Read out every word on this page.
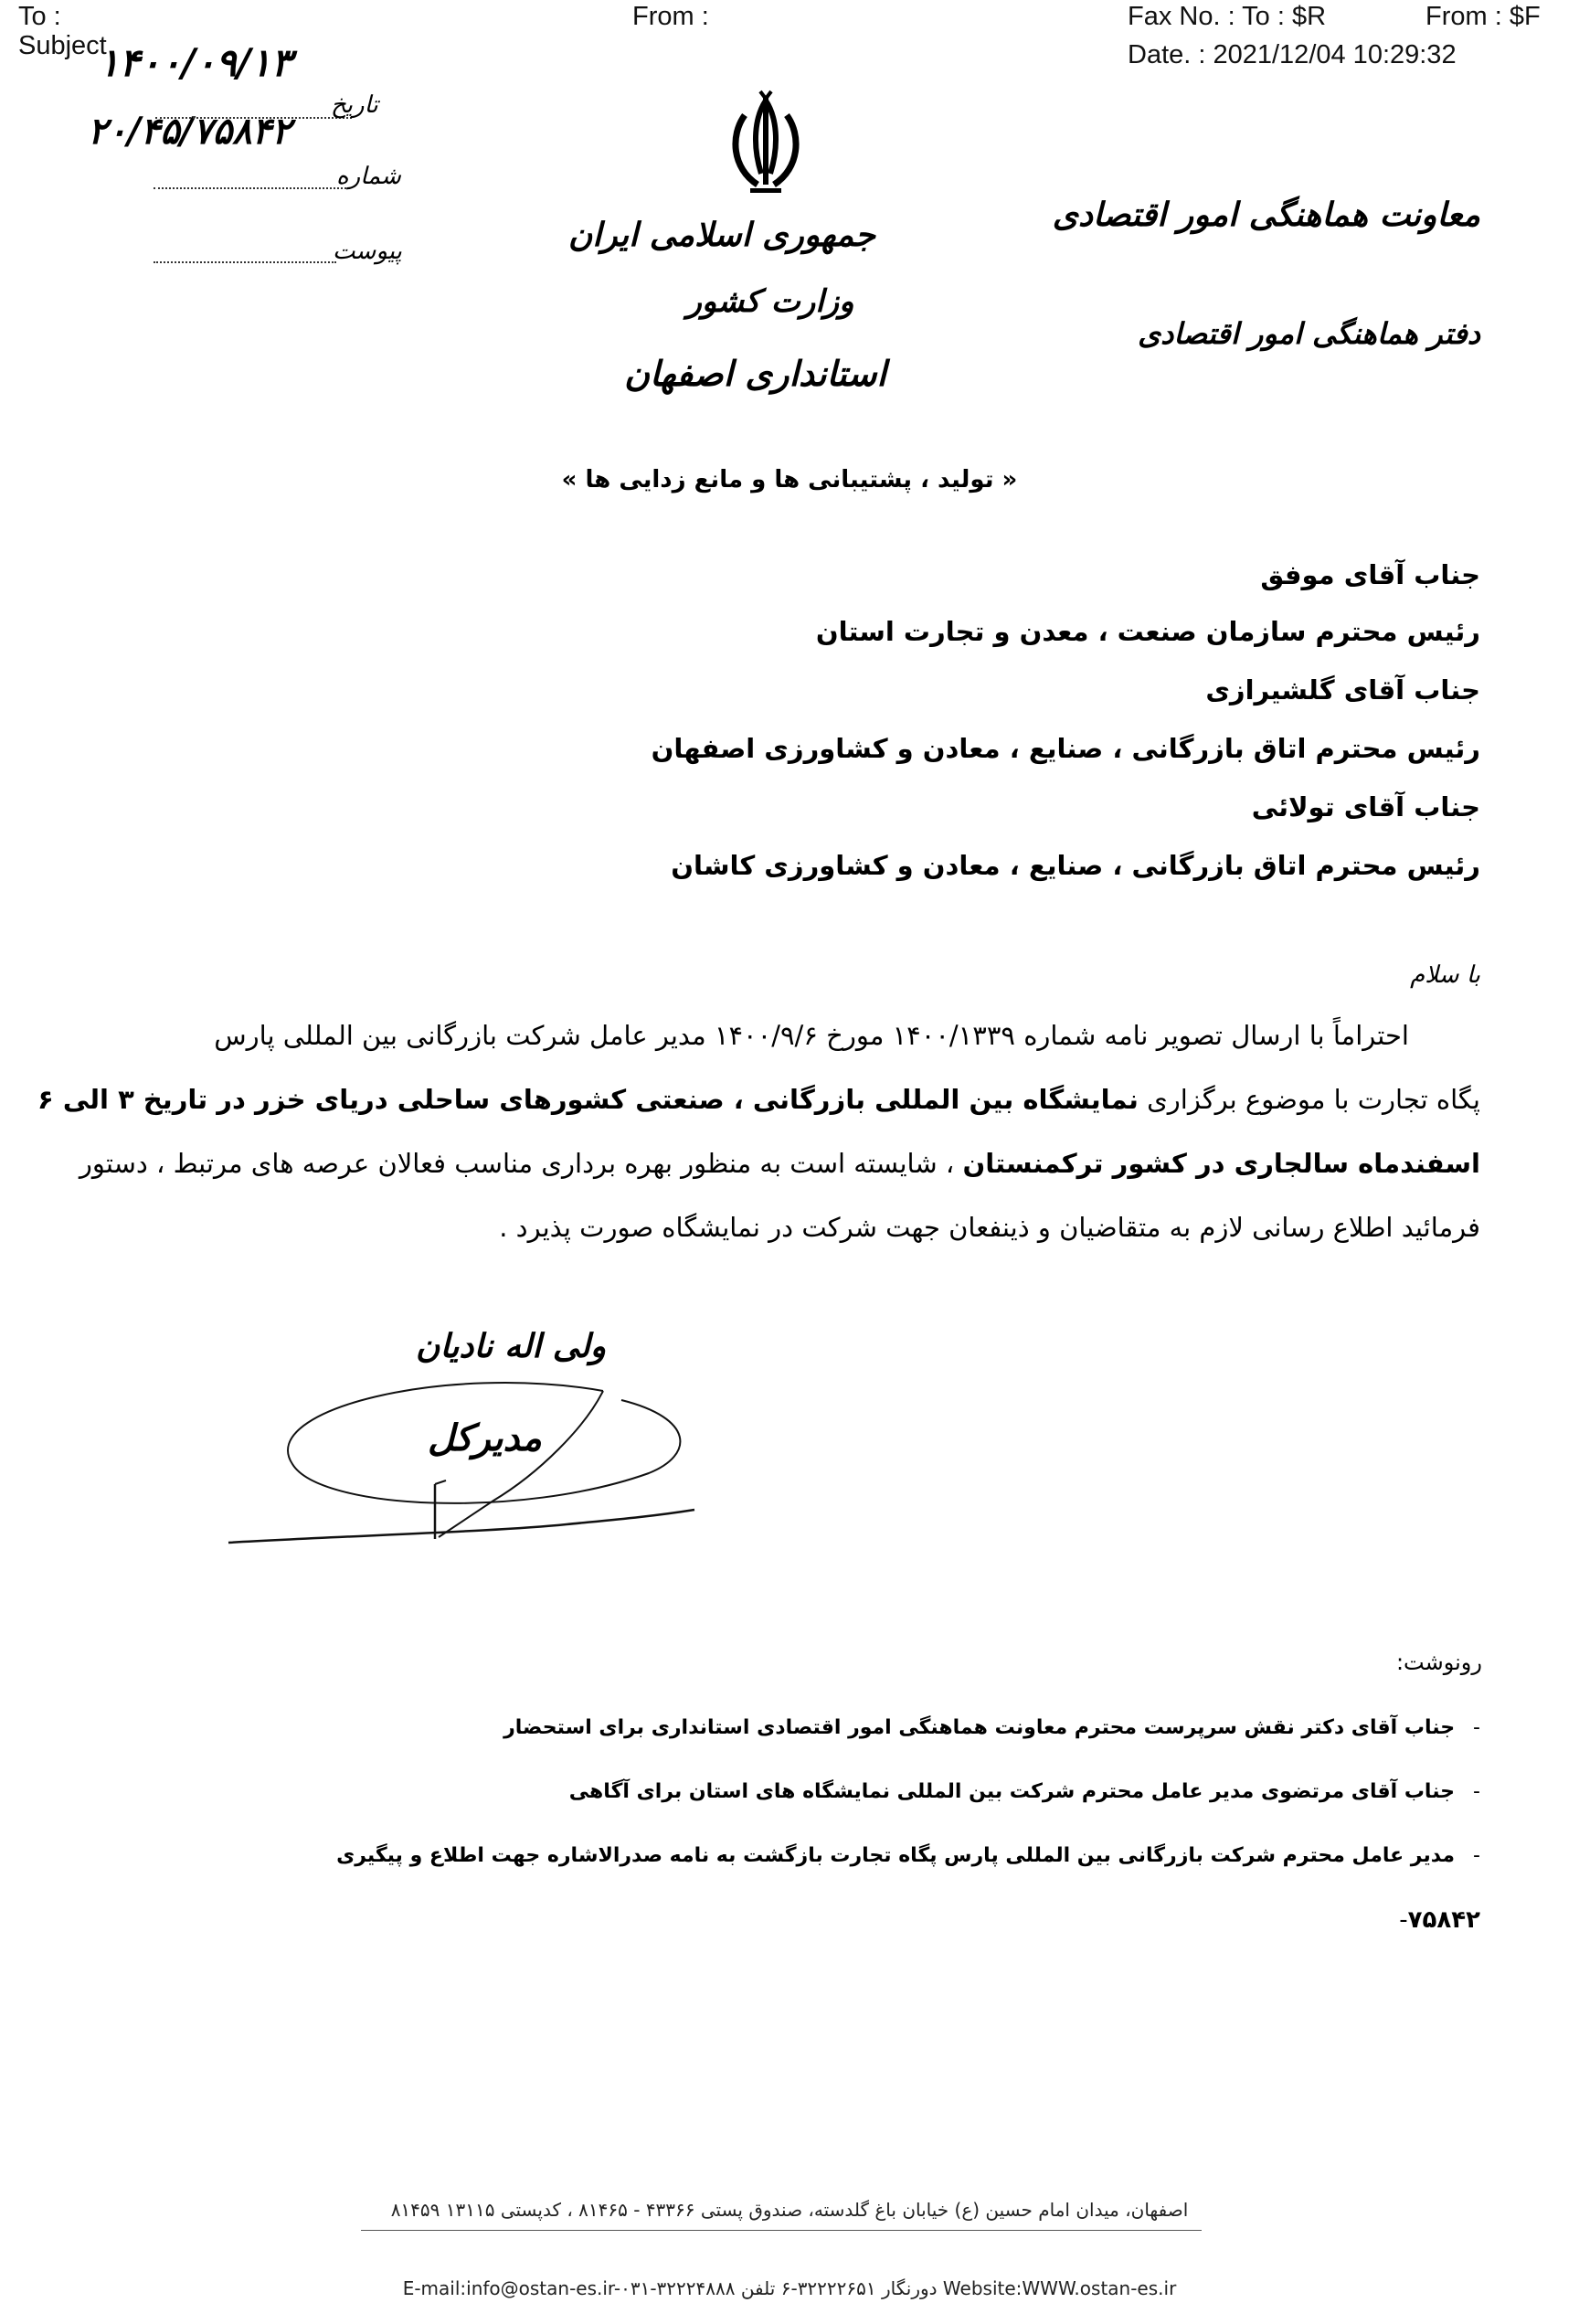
To :
Subject
From :	Fax No. : To : $R	From : $F
Date. : 2021/12/04 10:29:32
۱۴۰۰/۰۹/۱۳
۲۰/۴۵/۷۵۸۴۲
تاریخ
شماره
پیوست	جمهوری اسلامی ایران
وزارت کشور
استانداری اصفهان
معاونت هماهنگی امور اقتصادی
دفتر هماهنگی امور اقتصادی
« تولید ، پشتیبانی ها و مانع زدایی ها »
جناب آقای موفق
رئیس محترم سازمان صنعت ، معدن و تجارت استان
جناب آقای گلشیرازی
رئیس محترم اتاق بازرگانی ، صنایع ، معادن و کشاورزی اصفهان
جناب آقای تولائی
رئیس محترم اتاق بازرگانی ، صنایع ، معادن و کشاورزی کاشان
با سلام
احتراماً با ارسال تصویر نامه شماره ۱۴۰۰/۱۳۳۹ مورخ ۱۴۰۰/۹/۶ مدیر عامل شرکت بازرگانی بین المللی پارس
پگاه تجارت با موضوع برگزاری نمایشگاه بین المللی بازرگانی ، صنعتی کشورهای ساحلی دریای خزر در تاریخ ۳ الی ۶
اسفندماه سالجاری در کشور ترکمنستان ، شایسته است به منظور بهره برداری مناسب فعالان عرصه های مرتبط ، دستور
فرمائید اطلاع رسانی لازم به متقاضیان و ذینفعان جهت شرکت در نمایشگاه صورت پذیرد .
ولی اله نادیان
مدیرکل
رونوشت:
-جناب آقای دکتر نقش سرپرست محترم معاونت هماهنگی امور اقتصادی استانداری برای استحضار
-جناب آقای مرتضوی مدیر عامل محترم شرکت بین المللی نمایشگاه های استان برای آگاهی
-مدیر عامل محترم شرکت بازرگانی بین المللی پارس پگاه تجارت بازگشت به نامه صدرالاشاره جهت اطلاع و پیگیری
-۷۵۸۴۲
اصفهان، میدان امام حسین (ع) خیابان باغ گلدسته، صندوق پستی ۴۳۳۶۶ - ۸۱۴۶۵ ، کدپستی ۱۳۱۱۵ ۸۱۴۵۹
E-mail:info@ostan-es.ir-۰۳۱-۳۲۲۲۴۸۸۸ دورنگار ۳۲۲۲۲۶۵۱-۶ تلفن Website:WWW.ostan-es.ir
